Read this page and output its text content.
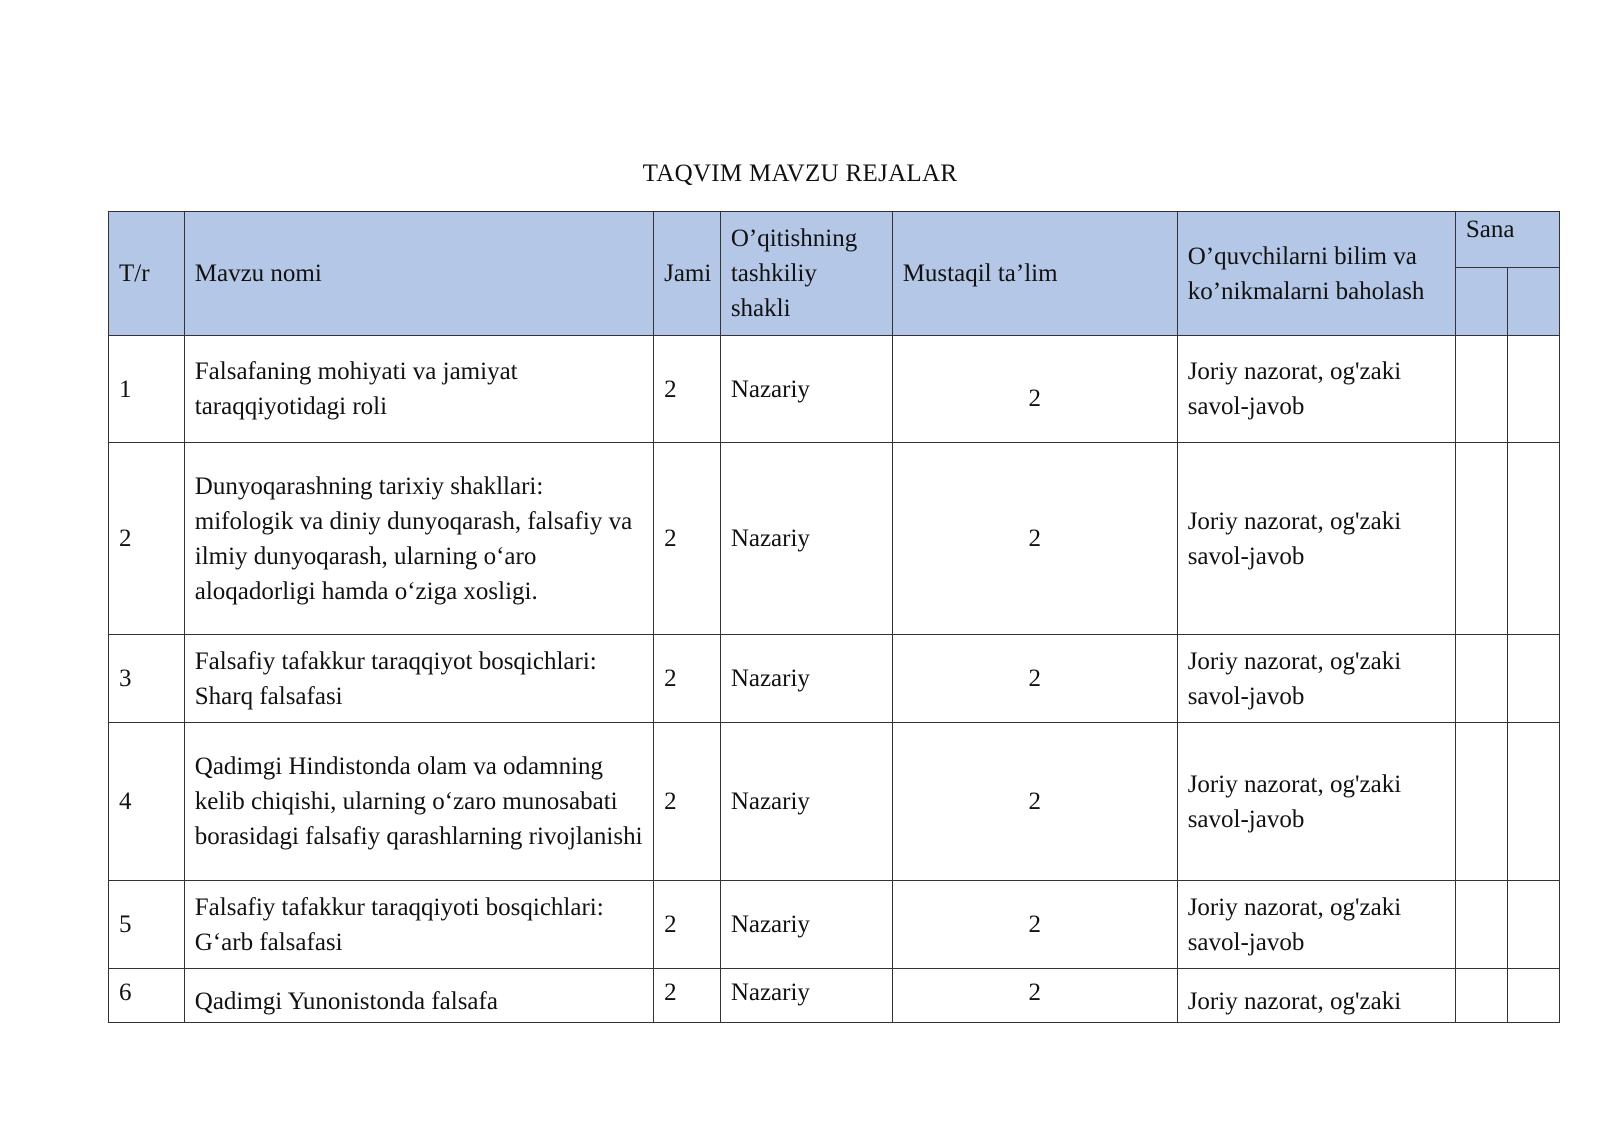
TAQVIM MAVZU REJALAR
T/r	Mavzu nomi	Jami	O’qitishning tashkiliy shakli	Mustaqil ta’lim	O’quvchilarni bilim va ko’nikmalarni baholash	Sana	

1	Falsafaning mohiyati va jamiyat taraqqiyotidagi roli	2	Nazariy	2	Joriy nazorat, og'zaki savol-javob		
2	Dunyoqarashning tarixiy shakllari: mifologik va diniy dunyoqarash, falsafiy va ilmiy dunyoqarash, ularning o‘aro aloqadorligi hamda o‘ziga xosligi.	2	Nazariy	2	Joriy nazorat, og'zaki savol-javob		
3	Falsafiy tafakkur taraqqiyot bosqichlari: Sharq falsafasi	2	Nazariy	2	Joriy nazorat, og'zaki savol-javob		
4	Qadimgi Hindistonda olam va odamning kelib chiqishi, ularning o‘zaro munosabati borasidagi falsafiy qarashlarning rivojlanishi	2	Nazariy	2	Joriy nazorat, og'zaki savol-javob		
5	Falsafiy tafakkur taraqqiyoti bosqichlari: G‘arb falsafasi	2	Nazariy	2	Joriy nazorat, og'zaki savol-javob		
6	Qadimgi Yunonistonda falsafa	2	Nazariy	2	Joriy nazorat, og'zaki		
